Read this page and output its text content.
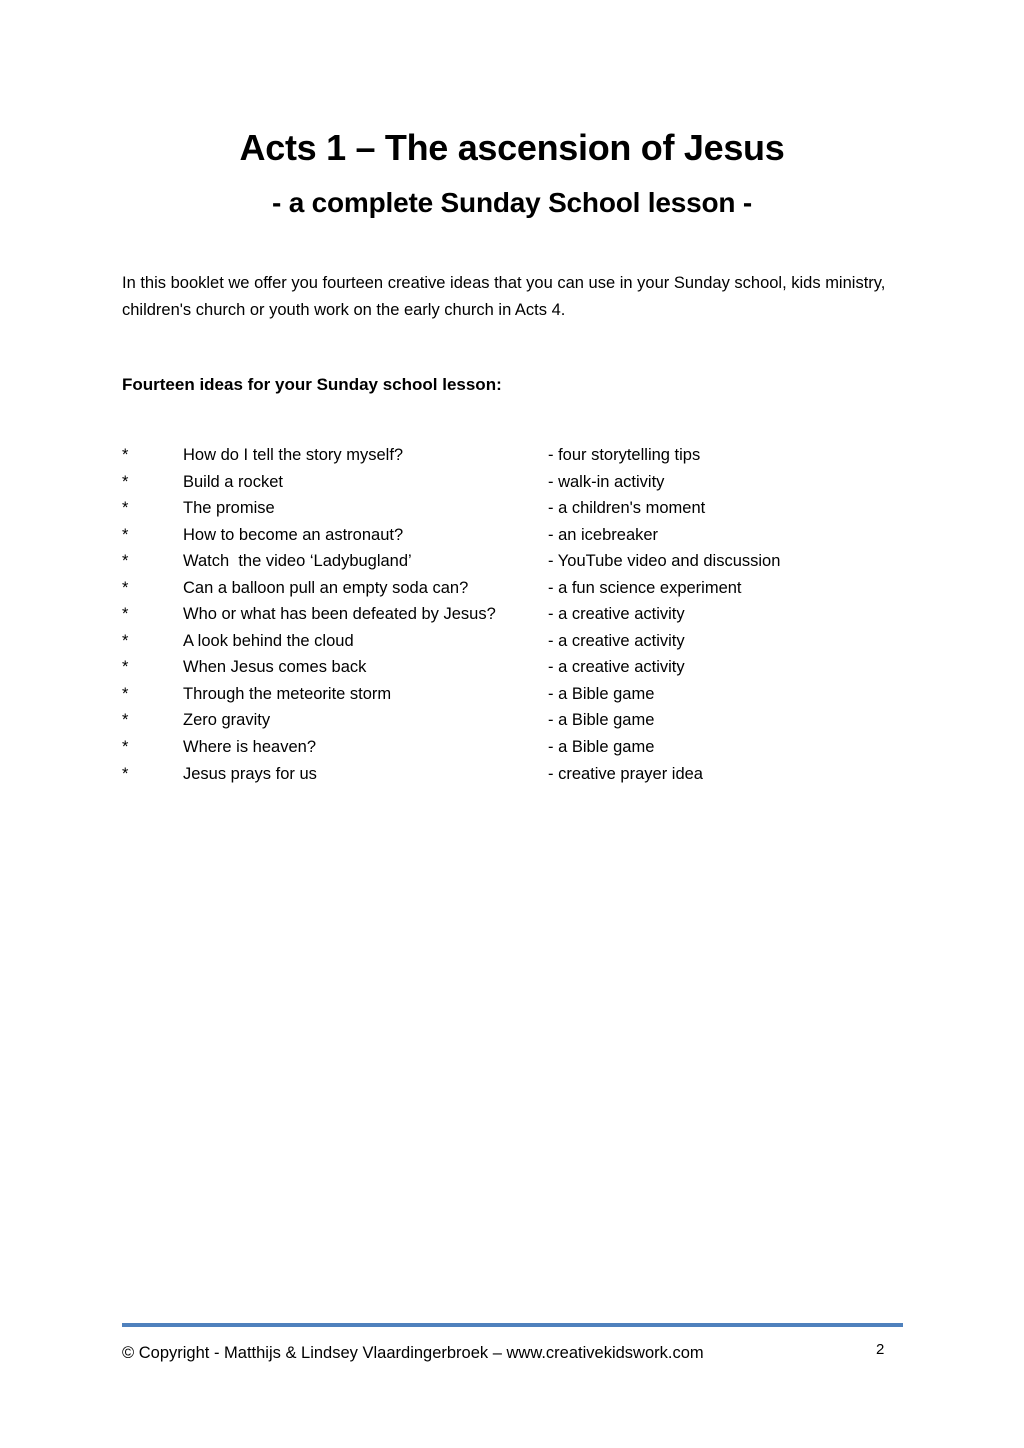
Acts 1 – The ascension of Jesus
- a complete Sunday School lesson -

In this booklet we offer you fourteen creative ideas that you can use in your Sunday school, kids ministry, children's church or youth work on the early church in Acts 4.

Fourteen ideas for your Sunday school lesson:
*	How do I tell the story myself?	- four storytelling tips
*	Build a rocket	- walk-in activity
*	The promise	- a children's moment
*	How to become an astronaut?	- an icebreaker
*	Watch  the video ‘Ladybugland’	- YouTube video and discussion
*	Can a balloon pull an empty soda can?	- a fun science experiment
*	Who or what has been defeated by Jesus?	- a creative activity
*	A look behind the cloud	- a creative activity
*	When Jesus comes back	- a creative activity
*	Through the meteorite storm	- a Bible game
*	Zero gravity	- a Bible game
*	Where is heaven?	- a Bible game
*	Jesus prays for us	- creative prayer idea
© Copyright - Matthijs & Lindsey Vlaardingerbroek – www.creativekidswork.com	2
